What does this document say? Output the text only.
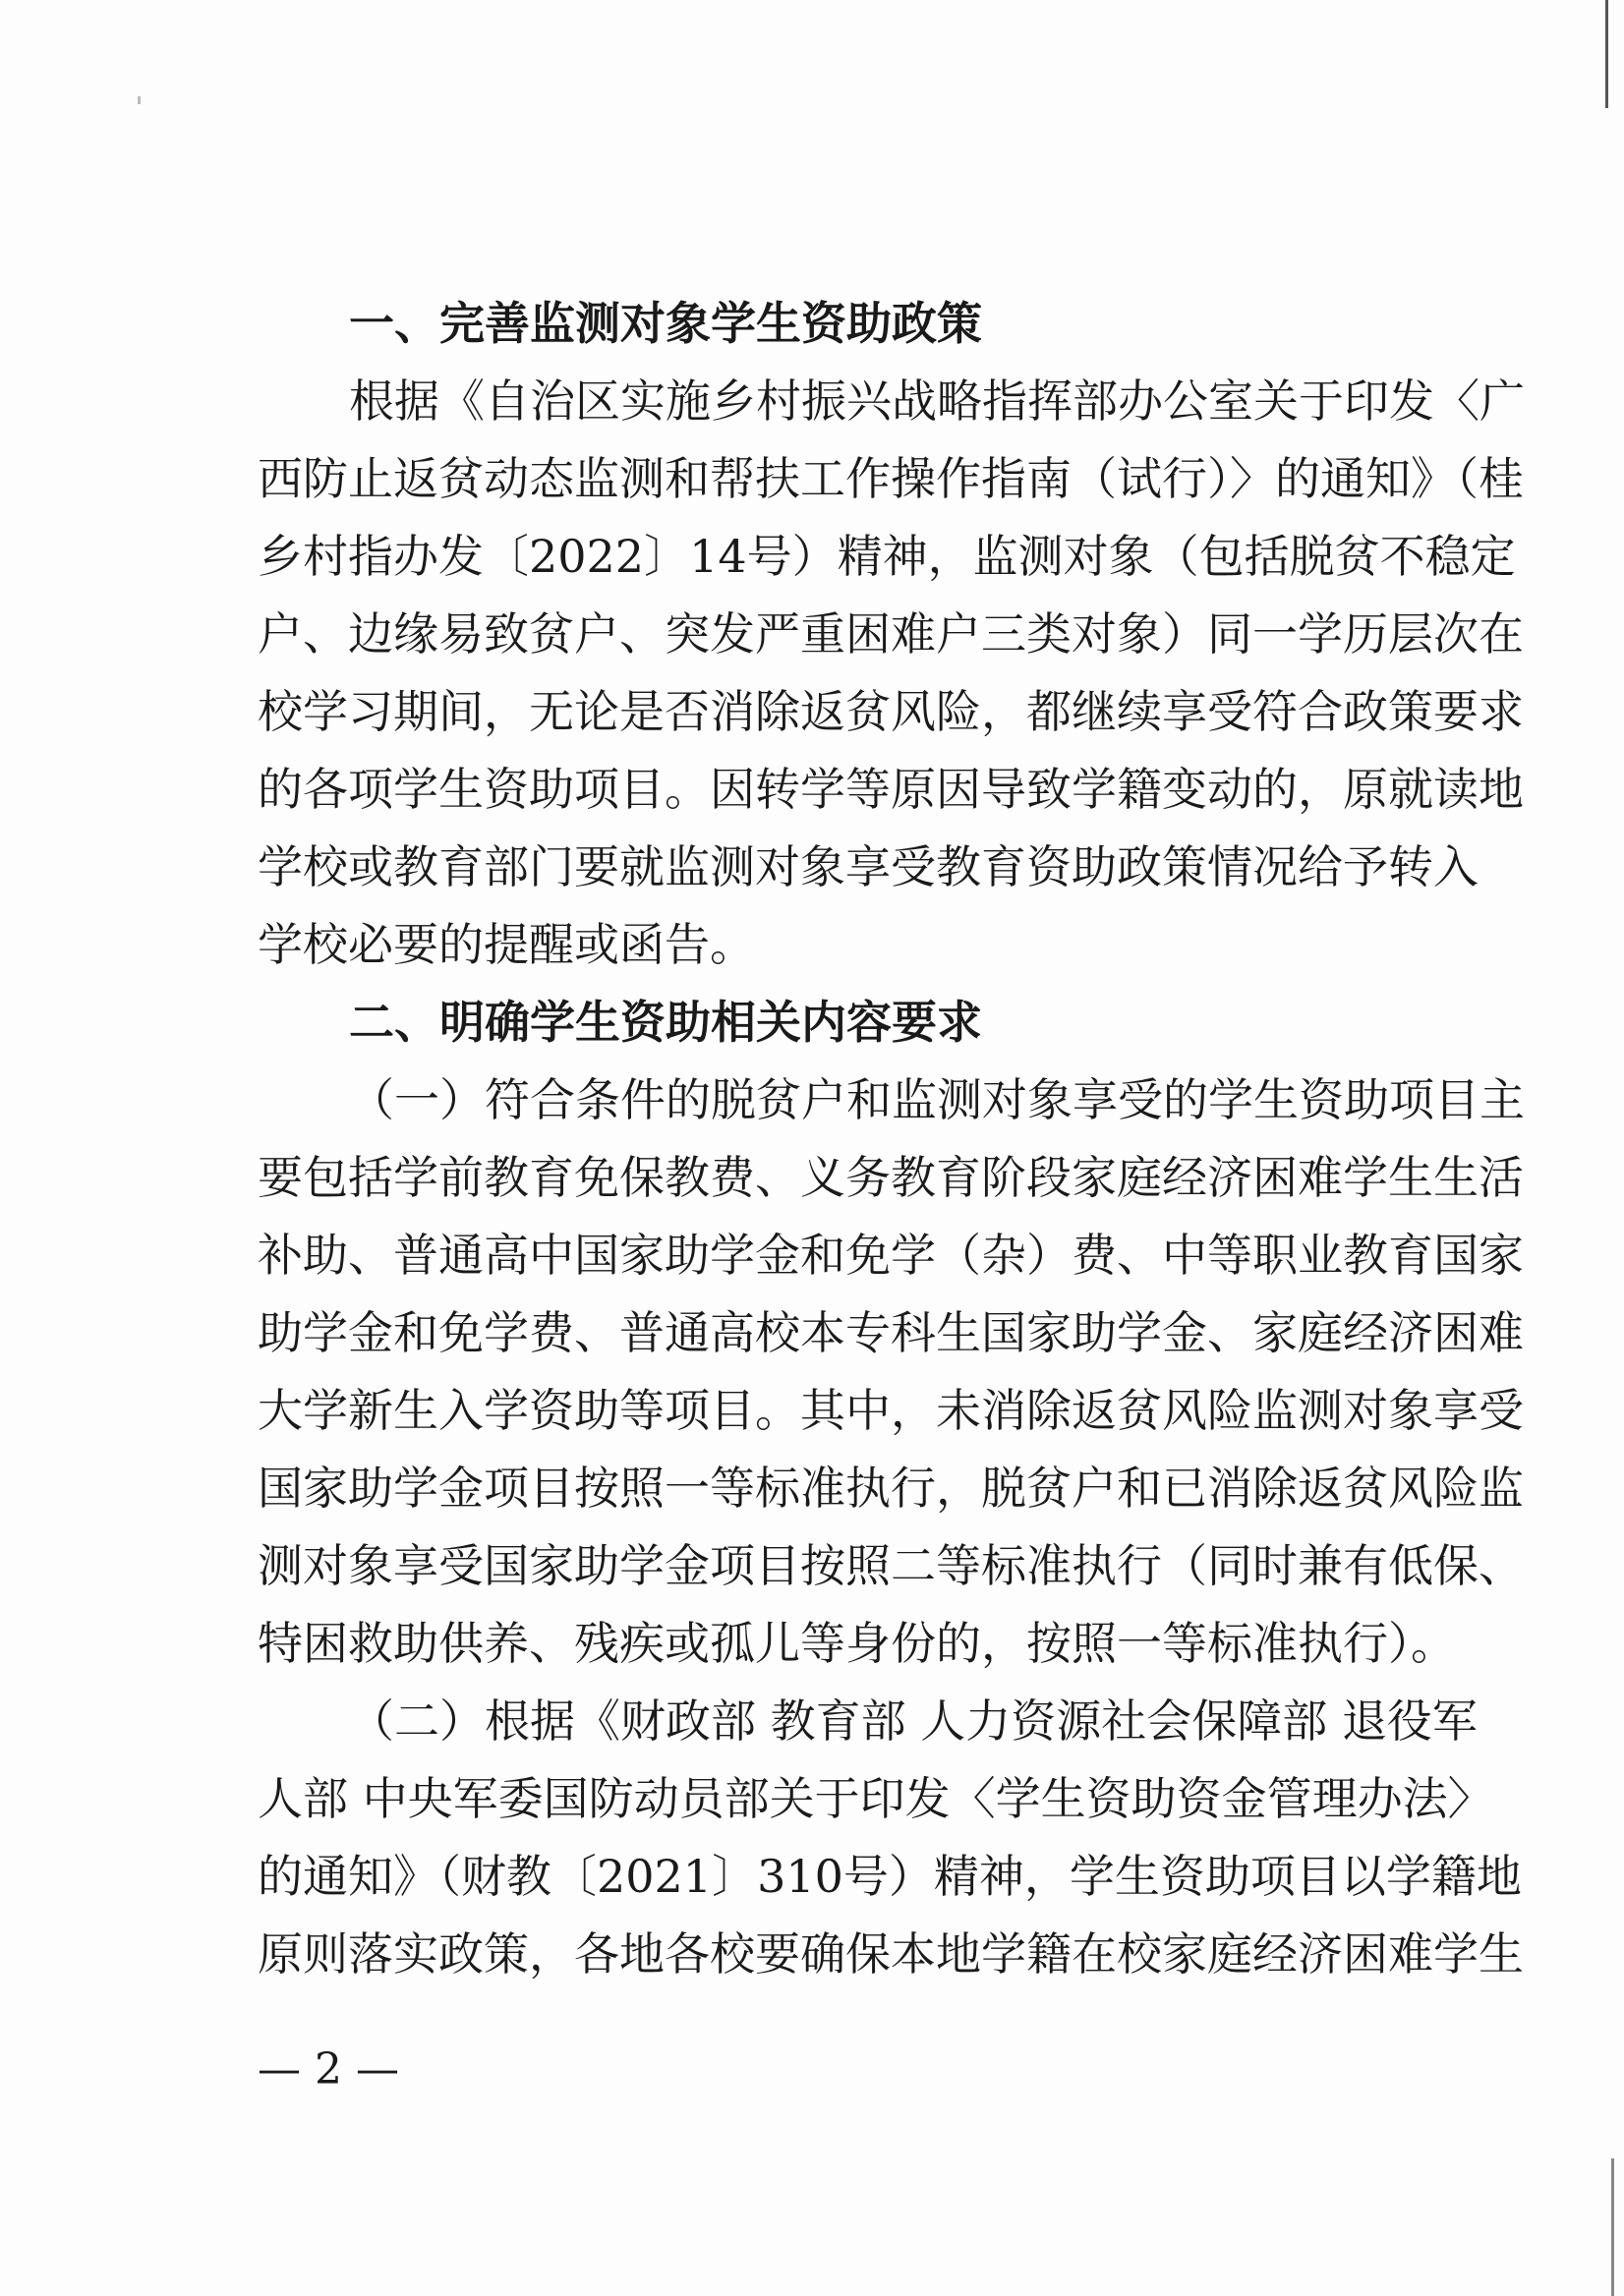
一、完善监测对象学生资助政策
根据《自治区实施乡村振兴战略指挥部办公室关于印发〈广
西防止返贫动态监测和帮扶工作操作指南（试行）〉的通知》（桂
乡村指办发〔2022〕14号）精神，监测对象（包括脱贫不稳定
户、边缘易致贫户、突发严重困难户三类对象）同一学历层次在
校学习期间，无论是否消除返贫风险，都继续享受符合政策要求
的各项学生资助项目。因转学等原因导致学籍变动的，原就读地
学校或教育部门要就监测对象享受教育资助政策情况给予转入
学校必要的提醒或函告。
二、明确学生资助相关内容要求
（一）符合条件的脱贫户和监测对象享受的学生资助项目主
要包括学前教育免保教费、义务教育阶段家庭经济困难学生生活
补助、普通高中国家助学金和免学（杂）费、中等职业教育国家
助学金和免学费、普通高校本专科生国家助学金、家庭经济困难
大学新生入学资助等项目。其中，未消除返贫风险监测对象享受
国家助学金项目按照一等标准执行，脱贫户和已消除返贫风险监
测对象享受国家助学金项目按照二等标准执行（同时兼有低保、
特困救助供养、残疾或孤儿等身份的，按照一等标准执行）。
（二）根据《财政部 教育部 人力资源社会保障部 退役军
人部 中央军委国防动员部关于印发〈学生资助资金管理办法〉
的通知》（财教〔2021〕310号）精神，学生资助项目以学籍地
原则落实政策，各地各校要确保本地学籍在校家庭经济困难学生
— 2 —
